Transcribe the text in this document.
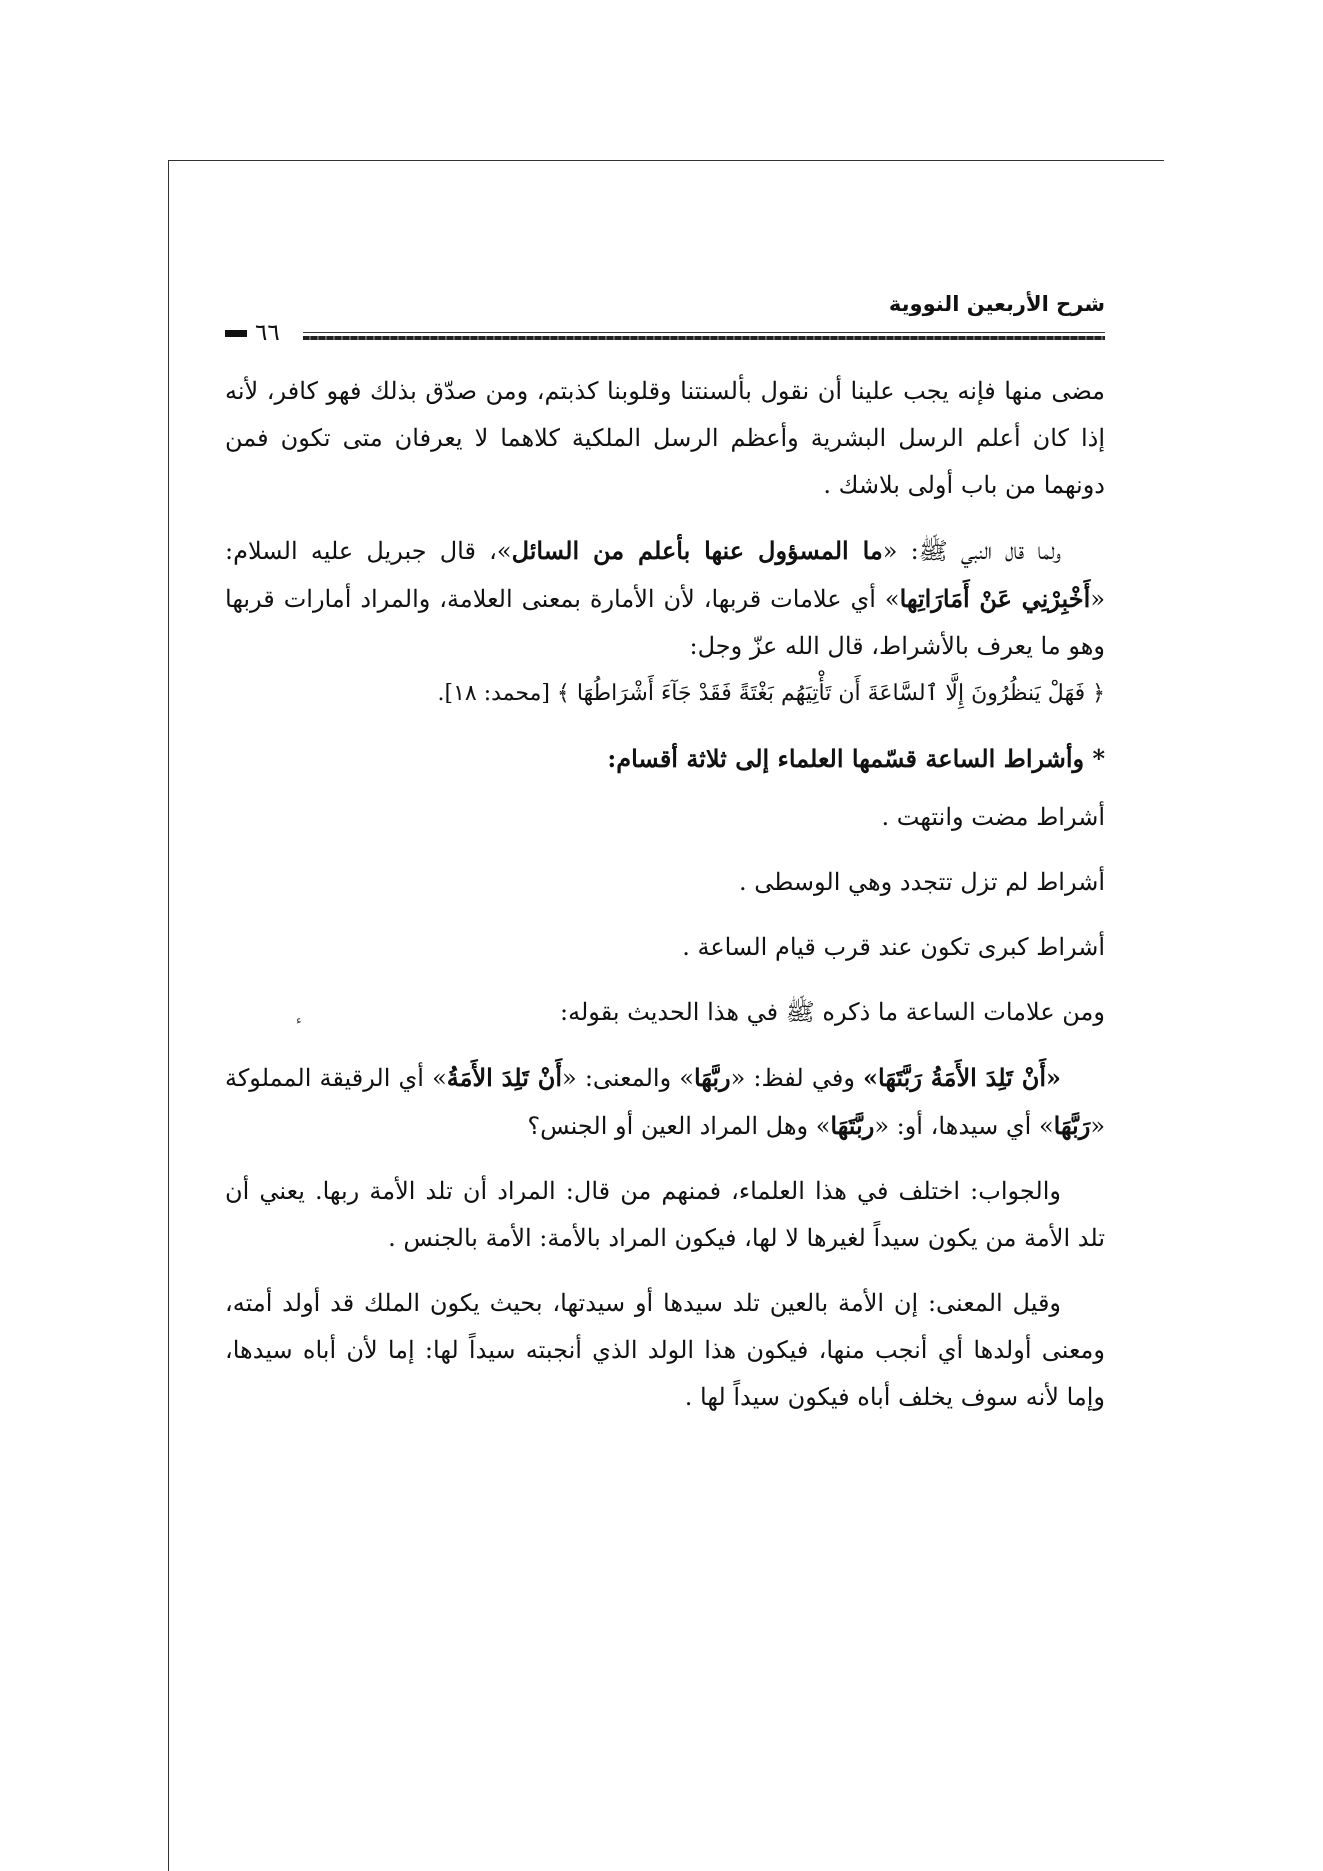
شرح الأربعين النووية
٦٦
ء

مضى منها فإنه يجب علينا أن نقول بألسنتنا وقلوبنا كذبتم، ومن صدّق بذلك فهو كافر، لأنه إذا كان أعلم الرسل البشرية وأعظم الرسل الملكية كلاهما لا يعرفان متى تكون فمن دونهما من باب أولى بلاشك .

ولما قال النبي ﷺ: «ما المسؤول عنها بأعلم من السائل»، قال جبريل عليه السلام: «أَخْبِرْنِي عَنْ أَمَارَاتِها» أي علامات قربها، لأن الأمارة بمعنى العلامة، والمراد أمارات قربها وهو ما يعرف بالأشراط، قال الله عزّ وجل:

﴿ فَهَلْ يَنظُرُونَ إِلَّا ٱلسَّاعَةَ أَن تَأْتِيَهُم بَغْتَةً فَقَدْ جَآءَ أَشْرَاطُهَا ﴾ [محمد: ١٨].

* وأشراط الساعة قسّمها العلماء إلى ثلاثة أقسام:

أشراط مضت وانتهت .

أشراط لم تزل تتجدد وهي الوسطى .

أشراط كبرى تكون عند قرب قيام الساعة .

ومن علامات الساعة ما ذكره ﷺ في هذا الحديث بقوله:

«أَنْ تَلِدَ الأَمَةُ رَبَّتَهَا» وفي لفظ: «ربَّهَا» والمعنى: «أَنْ تَلِدَ الأَمَةُ» أي الرقيقة المملوكة «رَبَّهَا» أي سيدها، أو: «ربَّتَهَا» وهل المراد العين أو الجنس؟

والجواب: اختلف في هذا العلماء، فمنهم من قال: المراد أن تلد الأمة ربها. يعني أن تلد الأمة من يكون سيداً لغيرها لا لها، فيكون المراد بالأمة: الأمة بالجنس .

وقيل المعنى: إن الأمة بالعين تلد سيدها أو سيدتها، بحيث يكون الملك قد أولد أمته، ومعنى أولدها أي أنجب منها، فيكون هذا الولد الذي أنجبته سيداً لها: إما لأن أباه سيدها، وإما لأنه سوف يخلف أباه فيكون سيداً لها .
